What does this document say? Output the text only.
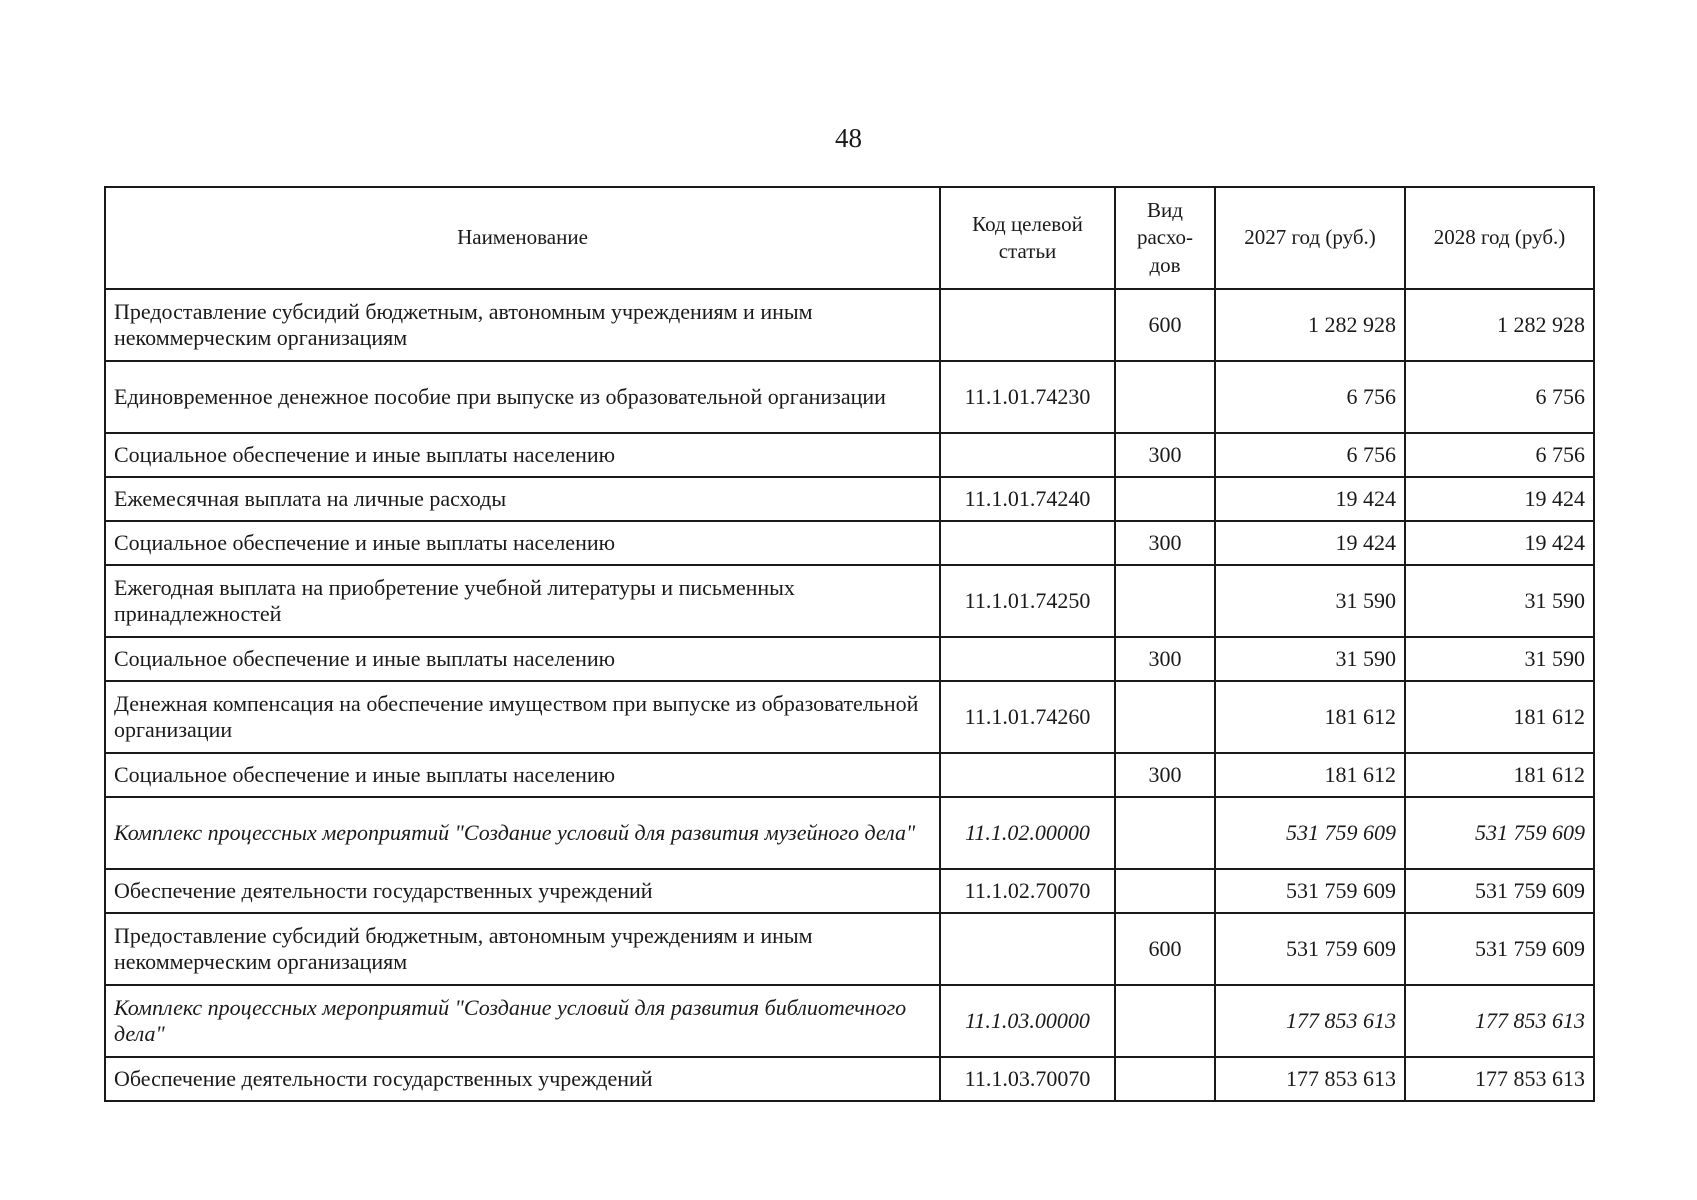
48
Наименование	Код целевой статьи	Вид расхо-дов	2027 год (руб.)	2028 год (руб.)
Предоставление субсидий бюджетным, автономным учреждениям и иным некоммерческим организациям		600	1 282 928	1 282 928
Единовременное денежное пособие при выпуске из образовательной организации	11.1.01.74230		6 756	6 756
Социальное обеспечение и иные выплаты населению		300	6 756	6 756
Ежемесячная выплата на личные расходы	11.1.01.74240		19 424	19 424
Социальное обеспечение и иные выплаты населению		300	19 424	19 424
Ежегодная выплата на приобретение учебной литературы и письменных принадлежностей	11.1.01.74250		31 590	31 590
Социальное обеспечение и иные выплаты населению		300	31 590	31 590
Денежная компенсация на обеспечение имуществом при выпуске из образовательной организации	11.1.01.74260		181 612	181 612
Социальное обеспечение и иные выплаты населению		300	181 612	181 612
Комплекс процессных мероприятий "Создание условий для развития музейного дела"	11.1.02.00000		531 759 609	531 759 609
Обеспечение деятельности государственных учреждений	11.1.02.70070		531 759 609	531 759 609
Предоставление субсидий бюджетным, автономным учреждениям и иным некоммерческим организациям		600	531 759 609	531 759 609
Комплекс процессных мероприятий "Создание условий для развития библиотечного дела"	11.1.03.00000		177 853 613	177 853 613
Обеспечение деятельности государственных учреждений	11.1.03.70070		177 853 613	177 853 613
